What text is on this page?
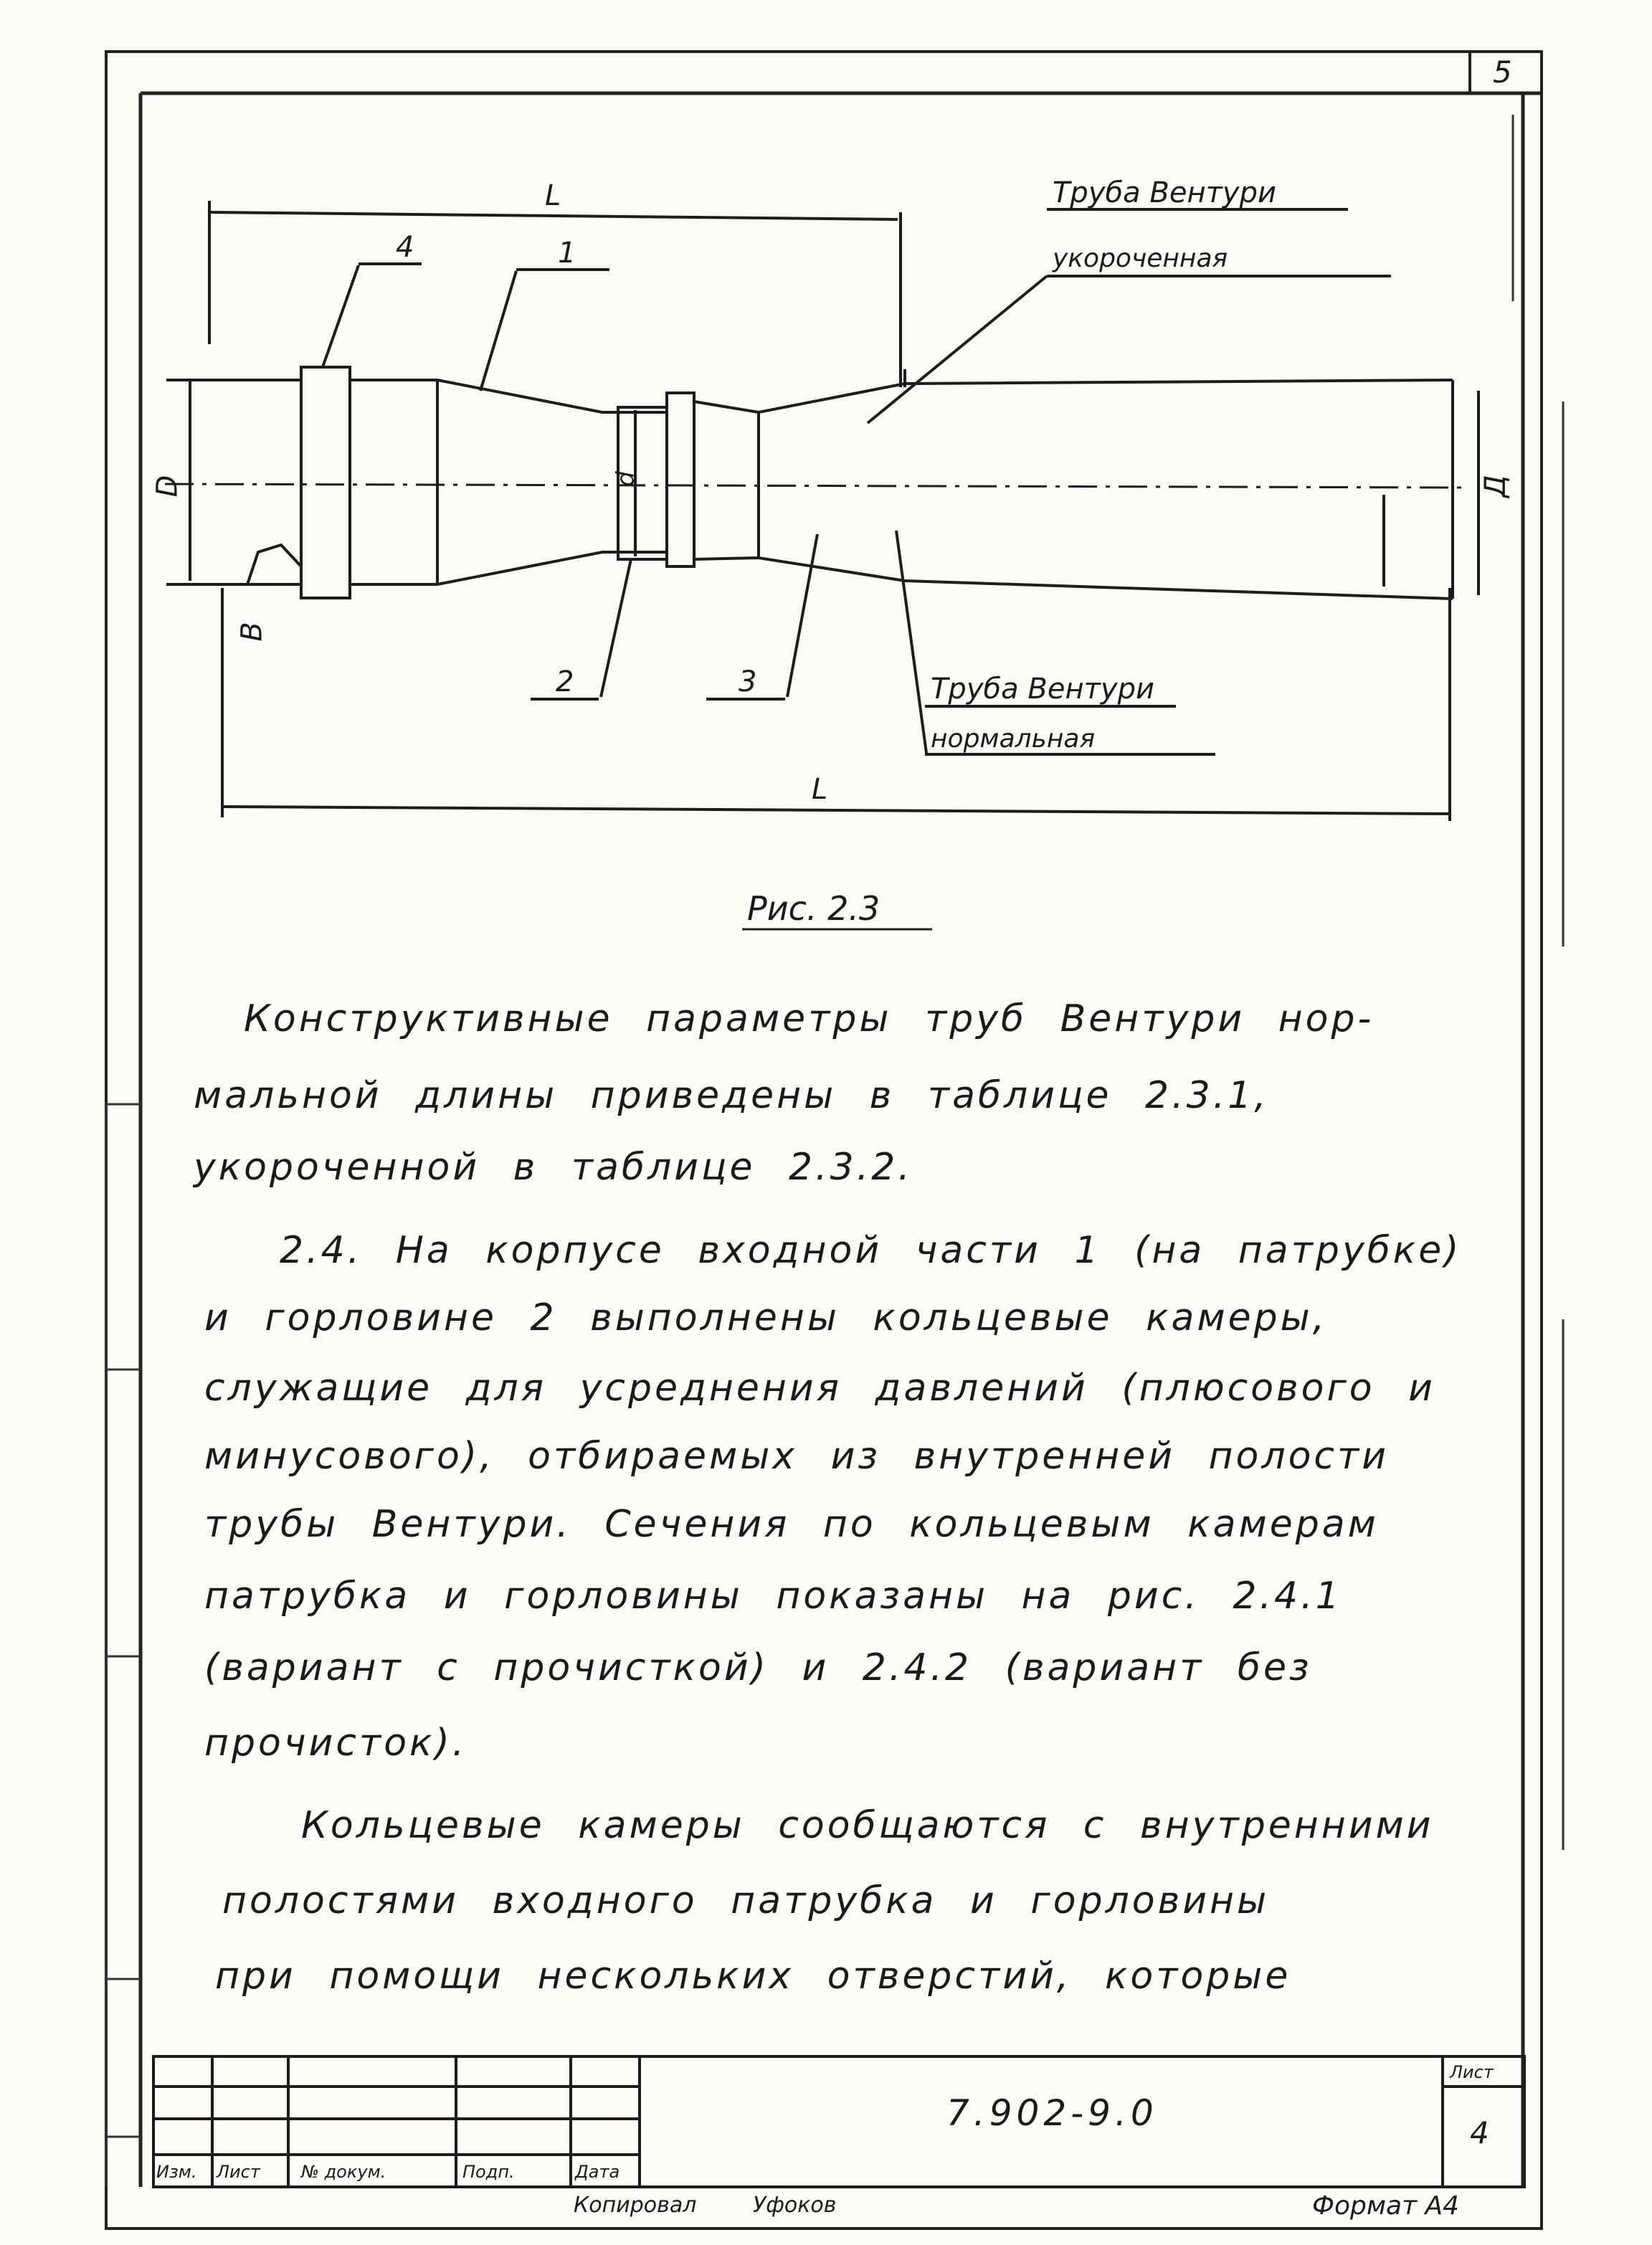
5
L
L
D	Д
d
B
4	1
2	3
Труба Вентури
укороченная
Труба Вентури
нормальная
Рис. 2.3
Конструктивные параметры труб Вентури нор-
мальной длины приведены в таблице 2.3.1,
укороченной в таблице 2.3.2.
2.4. На корпусе входной части 1 (на патрубке)
и горловине 2 выполнены кольцевые камеры,
служащие для усреднения давлений (плюсового и
минусового), отбираемых из внутренней полости
трубы Вентури. Сечения по кольцевым камерам
патрубка и горловины показаны на рис. 2.4.1
(вариант с прочисткой) и 2.4.2 (вариант без
прочисток).
Кольцевые камеры сообщаются с внутренними
полостями входного патрубка и горловины
при помощи нескольких отверстий, которые
7.902-9.0
Лист
4
Изм. Лист № докум.	Подп.	Дата
Копировал	Уфоков	Формат А4
